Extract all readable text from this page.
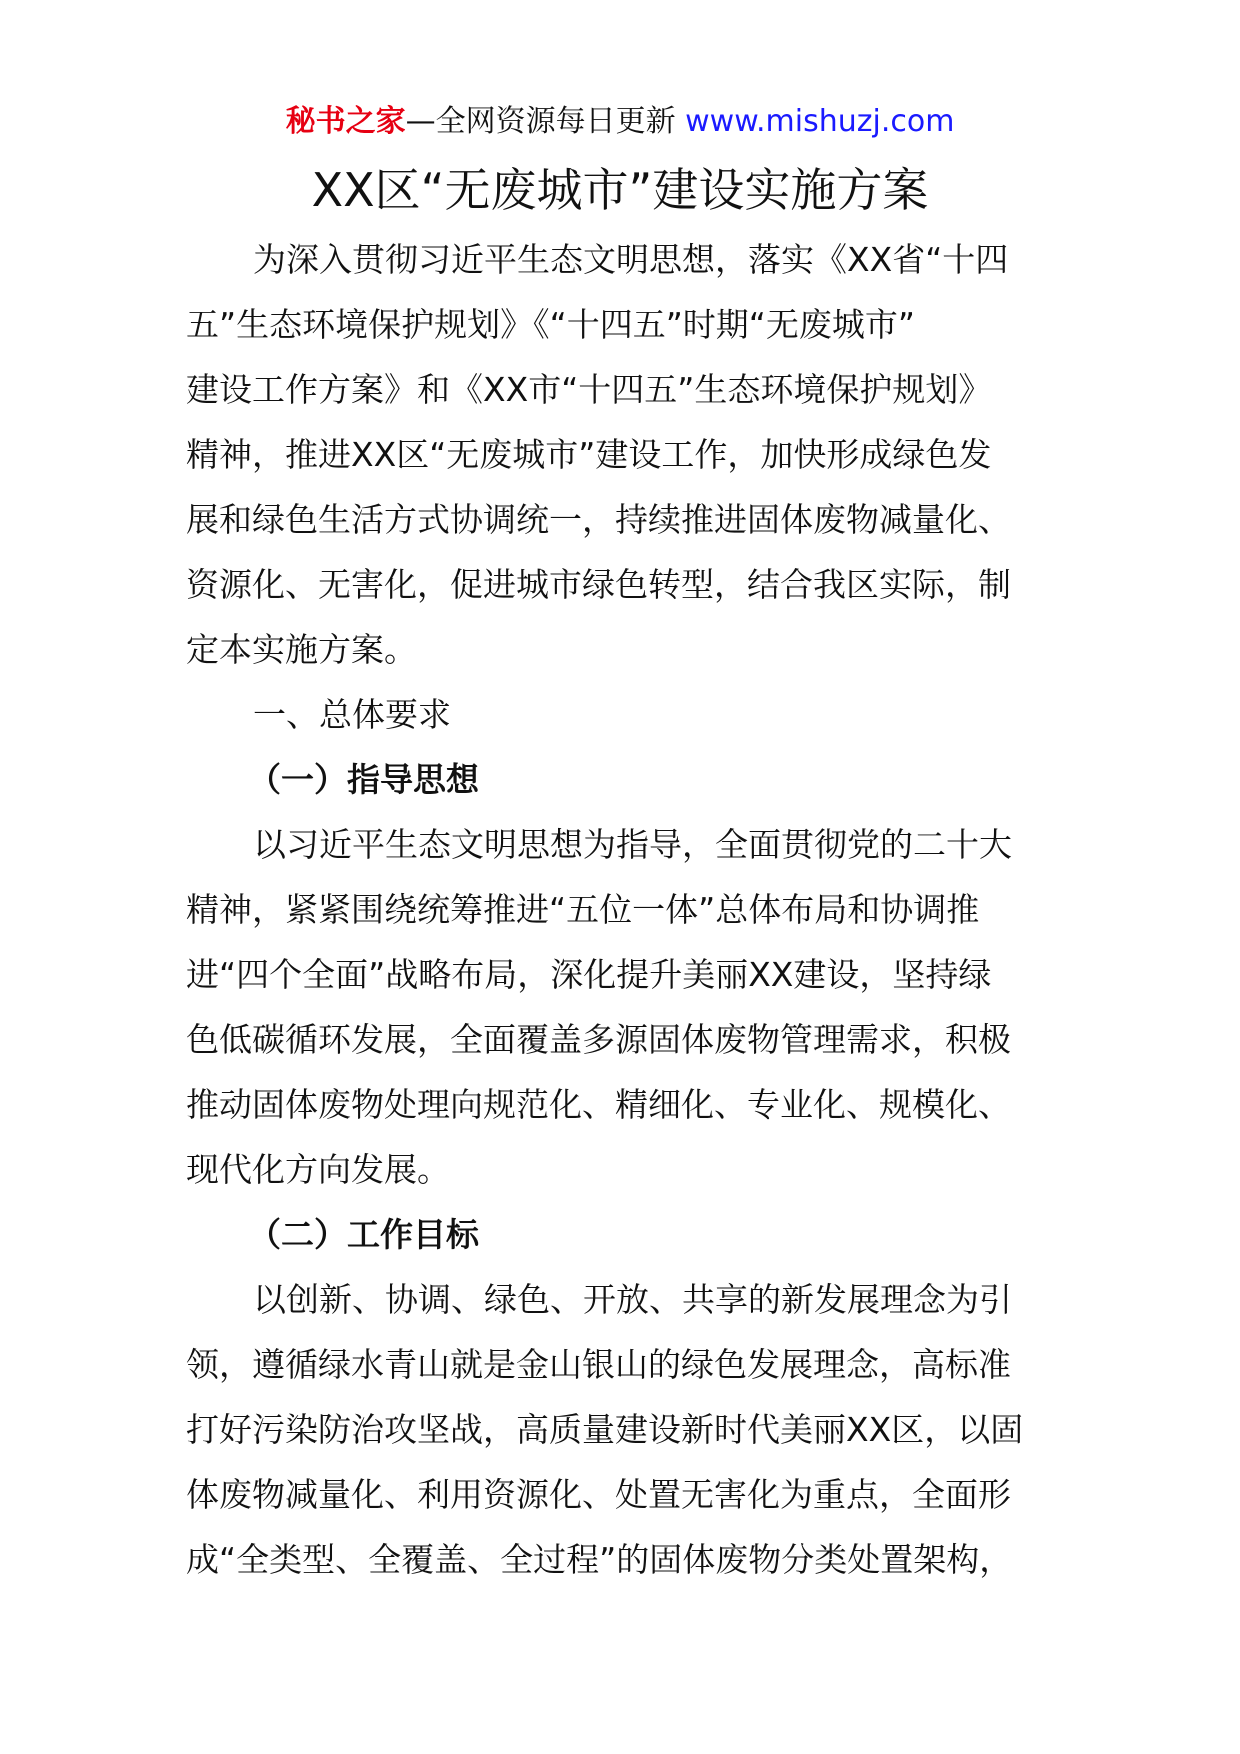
秘书之家—全网资源每日更新 www.mishuzj.com
XX区“无废城市”建设实施方案
为深入贯彻习近平生态文明思想，落实《XX省“十四
五”生态环境保护规划》《“十四五”时期“无废城市”
建设工作方案》和《XX市“十四五”生态环境保护规划》
精神，推进XX区“无废城市”建设工作，加快形成绿色发
展和绿色生活方式协调统一，持续推进固体废物减量化、
资源化、无害化，促进城市绿色转型，结合我区实际，制
定本实施方案。
一、总体要求
（一）指导思想
以习近平生态文明思想为指导，全面贯彻党的二十大
精神，紧紧围绕统筹推进“五位一体”总体布局和协调推
进“四个全面”战略布局，深化提升美丽XX建设，坚持绿
色低碳循环发展，全面覆盖多源固体废物管理需求，积极
推动固体废物处理向规范化、精细化、专业化、规模化、
现代化方向发展。
（二）工作目标
以创新、协调、绿色、开放、共享的新发展理念为引
领，遵循绿水青山就是金山银山的绿色发展理念，高标准
打好污染防治攻坚战，高质量建设新时代美丽XX区，以固
体废物减量化、利用资源化、处置无害化为重点，全面形
成“全类型、全覆盖、全过程”的固体废物分类处置架构，
